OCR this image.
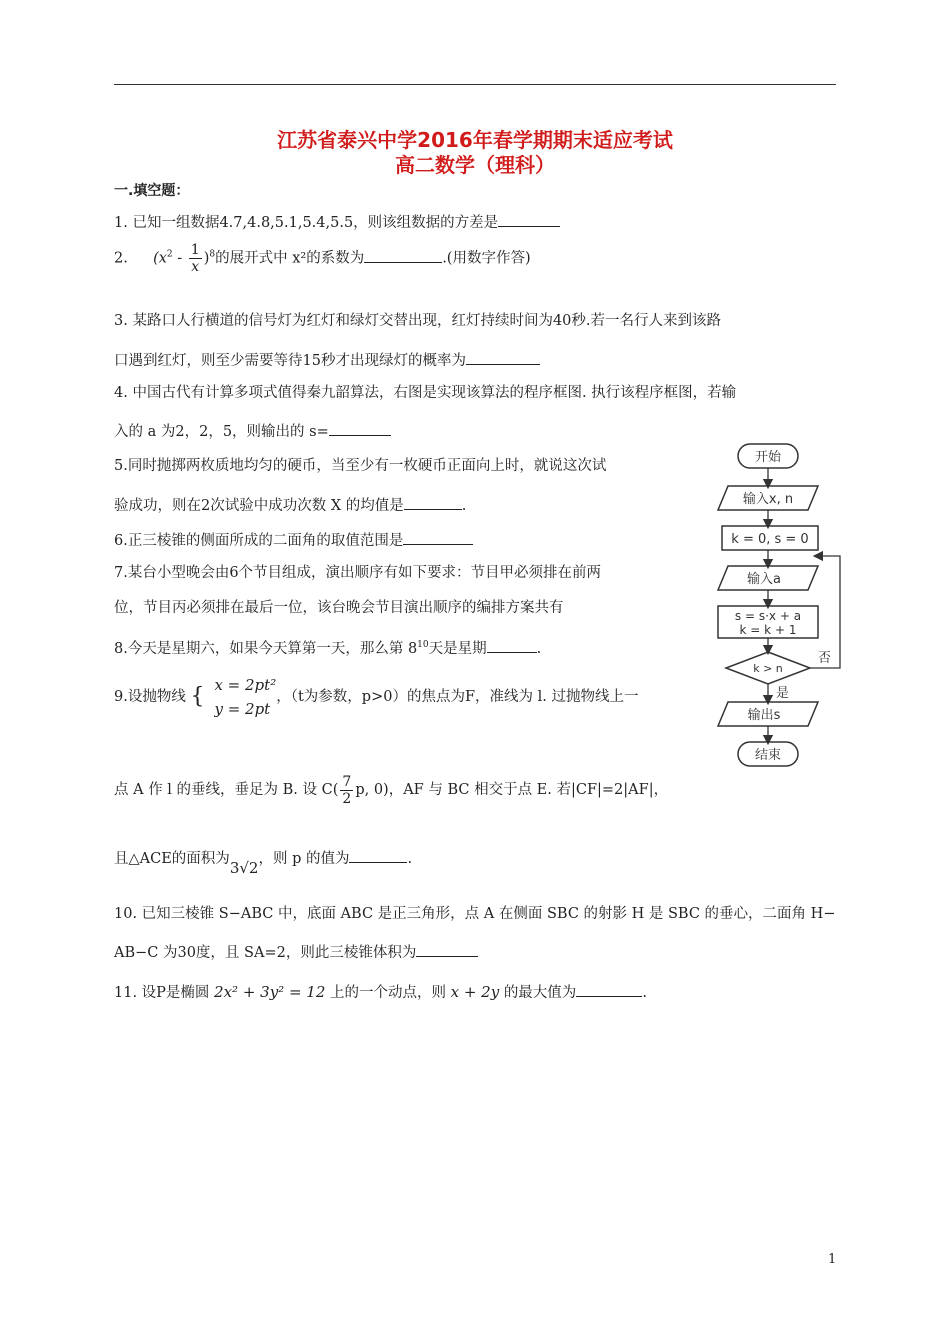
江苏省泰兴中学2016年春学期期末适应考试
高二数学（理科）
一.填空题：
1. 已知一组数据4.7,4.8,5.1,5.4,5.5，则该组数据的方差是
2. $(x^2 - \frac{1}{x} )^8$的展开式中 x²的系数为	.(用数字作答)
3. 某路口人行横道的信号灯为红灯和绿灯交替出现，红灯持续时间为40秒.若一名行人来到该路
口遇到红灯，则至少需要等待15秒才出现绿灯的概率为
4. 中国古代有计算多项式值得秦九韶算法，右图是实现该算法的程序框图. 执行该程序框图，若输
入的 a 为2，2，5，则输出的 s=
5.同时抛掷两枚质地均匀的硬币，当至少有一枚硬币正面向上时，就说这次试
验成功，则在2次试验中成功次数 X 的均值是	.
6.正三棱锥的侧面所成的二面角的取值范围是
7.某台小型晚会由6个节目组成，演出顺序有如下要求：节目甲必须排在前两
位，节目丙必须排在最后一位，该台晚会节目演出顺序的编排方案共有
8.今天是星期六，如果今天算第一天，那么第 $8^{10}$天是星期	.
9.设抛物线 { x = 2pt²
y = 2pt
，（t为参数，p>0）的焦点为F，准线为 l. 过抛物线上一
点 A 作 l 的垂线，垂足为 B. 设 $C( \frac{7}{2} p$, 0)，AF 与 BC 相交于点 E. 若|CF|=2|AF|，
且△ACE的面积为3√2，则 p 的值为	.
10. 已知三棱锥 S−ABC 中，底面 ABC 是正三角形，点 A 在侧面 SBC 的射影 H 是 SBC 的垂心，二面角 H−
AB−C 为30度，且 SA=2，则此三棱锥体积为
11. 设P是椭圆 2x² + 3y² = 12 上的一个动点，则 x + 2y 的最大值为	.
开始
输入x, n
k = 0, s = 0
输入a
s = s·x + a
k = k + 1
k > n
否
是
输出s
结束
1
